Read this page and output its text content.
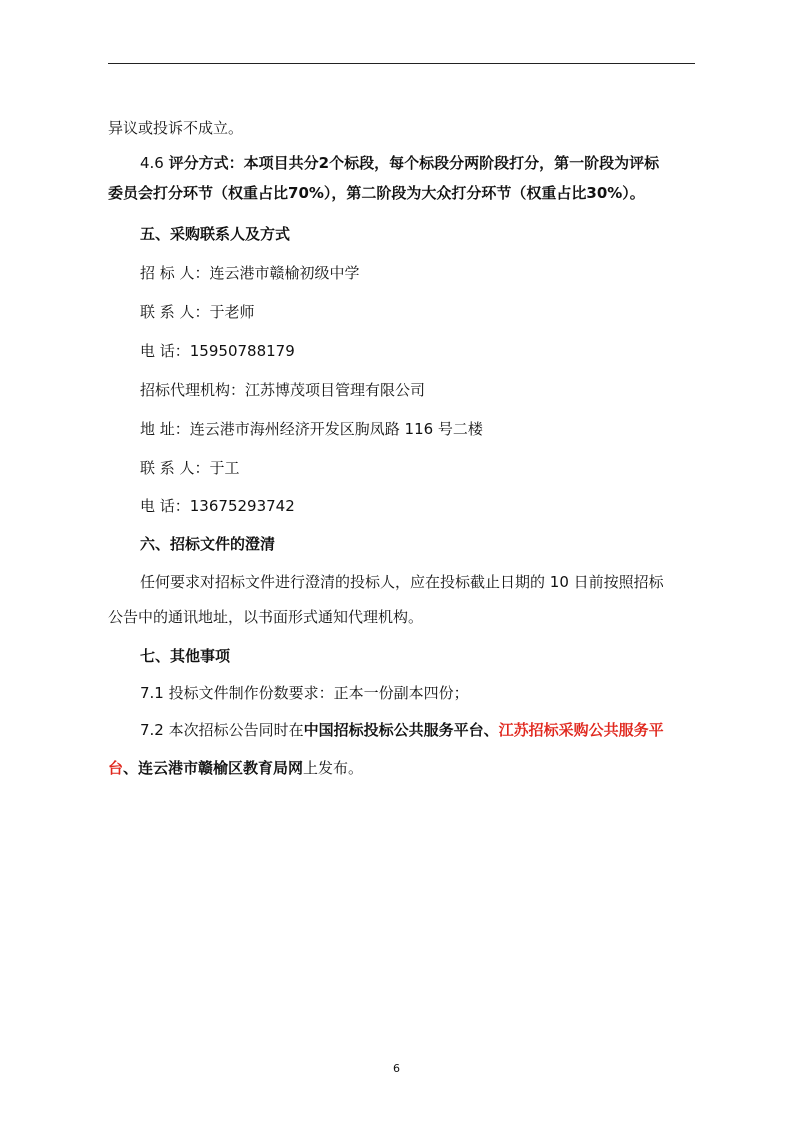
异议或投诉不成立。
4.6 评分方式：本项目共分2个标段，每个标段分两阶段打分，第一阶段为评标
委员会打分环节（权重占比70%），第二阶段为大众打分环节（权重占比30%）。
五、采购联系人及方式
招 标 人：连云港市赣榆初级中学
联 系 人：于老师
电 话：15950788179
招标代理机构：江苏博茂项目管理有限公司
地 址：连云港市海州经济开发区朐凤路 116 号二楼
联 系 人：于工
电 话：13675293742
六、招标文件的澄清
任何要求对招标文件进行澄清的投标人，应在投标截止日期的 10 日前按照招标
公告中的通讯地址，以书面形式通知代理机构。
七、其他事项
7.1 投标文件制作份数要求：正本一份副本四份；
7.2 本次招标公告同时在中国招标投标公共服务平台、江苏招标采购公共服务平
台、连云港市赣榆区教育局网上发布。
6
